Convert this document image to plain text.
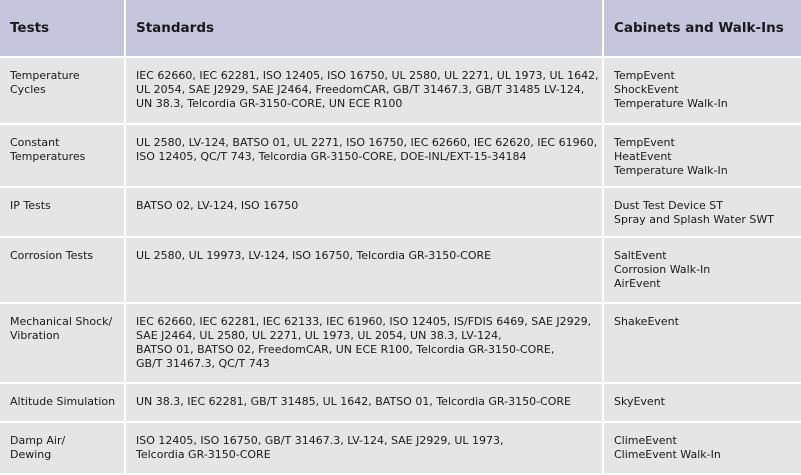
Tests	Standards	Cabinets and Walk-Ins

Temperature
Cycles	IEC 62660, IEC 62281, ISO 12405, ISO 16750, UL 2580, UL 2271, UL 1973, UL 1642,
UL 2054, SAE J2929, SAE J2464, FreedomCAR, GB/T 31467.3, GB/T 31485 LV-124,
UN 38.3, Telcordia GR-3150-CORE, UN ECE R100	TempEvent
ShockEvent
Temperature Walk-In

Constant
Temperatures	UL 2580, LV-124, BATSO 01, UL 2271, ISO 16750, IEC 62660, IEC 62620, IEC 61960,
ISO 12405, QC/T 743, Telcordia GR-3150-CORE, DOE-INL/EXT-15-34184	TempEvent
HeatEvent
Temperature Walk-In

IP Tests	BATSO 02, LV-124, ISO 16750	Dust Test Device ST
Spray and Splash Water SWT

Corrosion Tests	UL 2580, UL 19973, LV-124, ISO 16750, Telcordia GR-3150-CORE	SaltEvent
Corrosion Walk-In
AirEvent

Mechanical Shock/
Vibration	IEC 62660, IEC 62281, IEC 62133, IEC 61960, ISO 12405, IS/FDIS 6469, SAE J2929,
SAE J2464, UL 2580, UL 2271, UL 1973, UL 2054, UN 38.3, LV-124,
BATSO 01, BATSO 02, FreedomCAR, UN ECE R100, Telcordia GR-3150-CORE,
GB/T 31467.3, QC/T 743	ShakeEvent

Altitude Simulation	UN 38.3, IEC 62281, GB/T 31485, UL 1642, BATSO 01, Telcordia GR-3150-CORE	SkyEvent

Damp Air/
Dewing	ISO 12405, ISO 16750, GB/T 31467.3, LV-124, SAE J2929, UL 1973,
Telcordia GR-3150-CORE	ClimeEvent
ClimeEvent Walk-In
